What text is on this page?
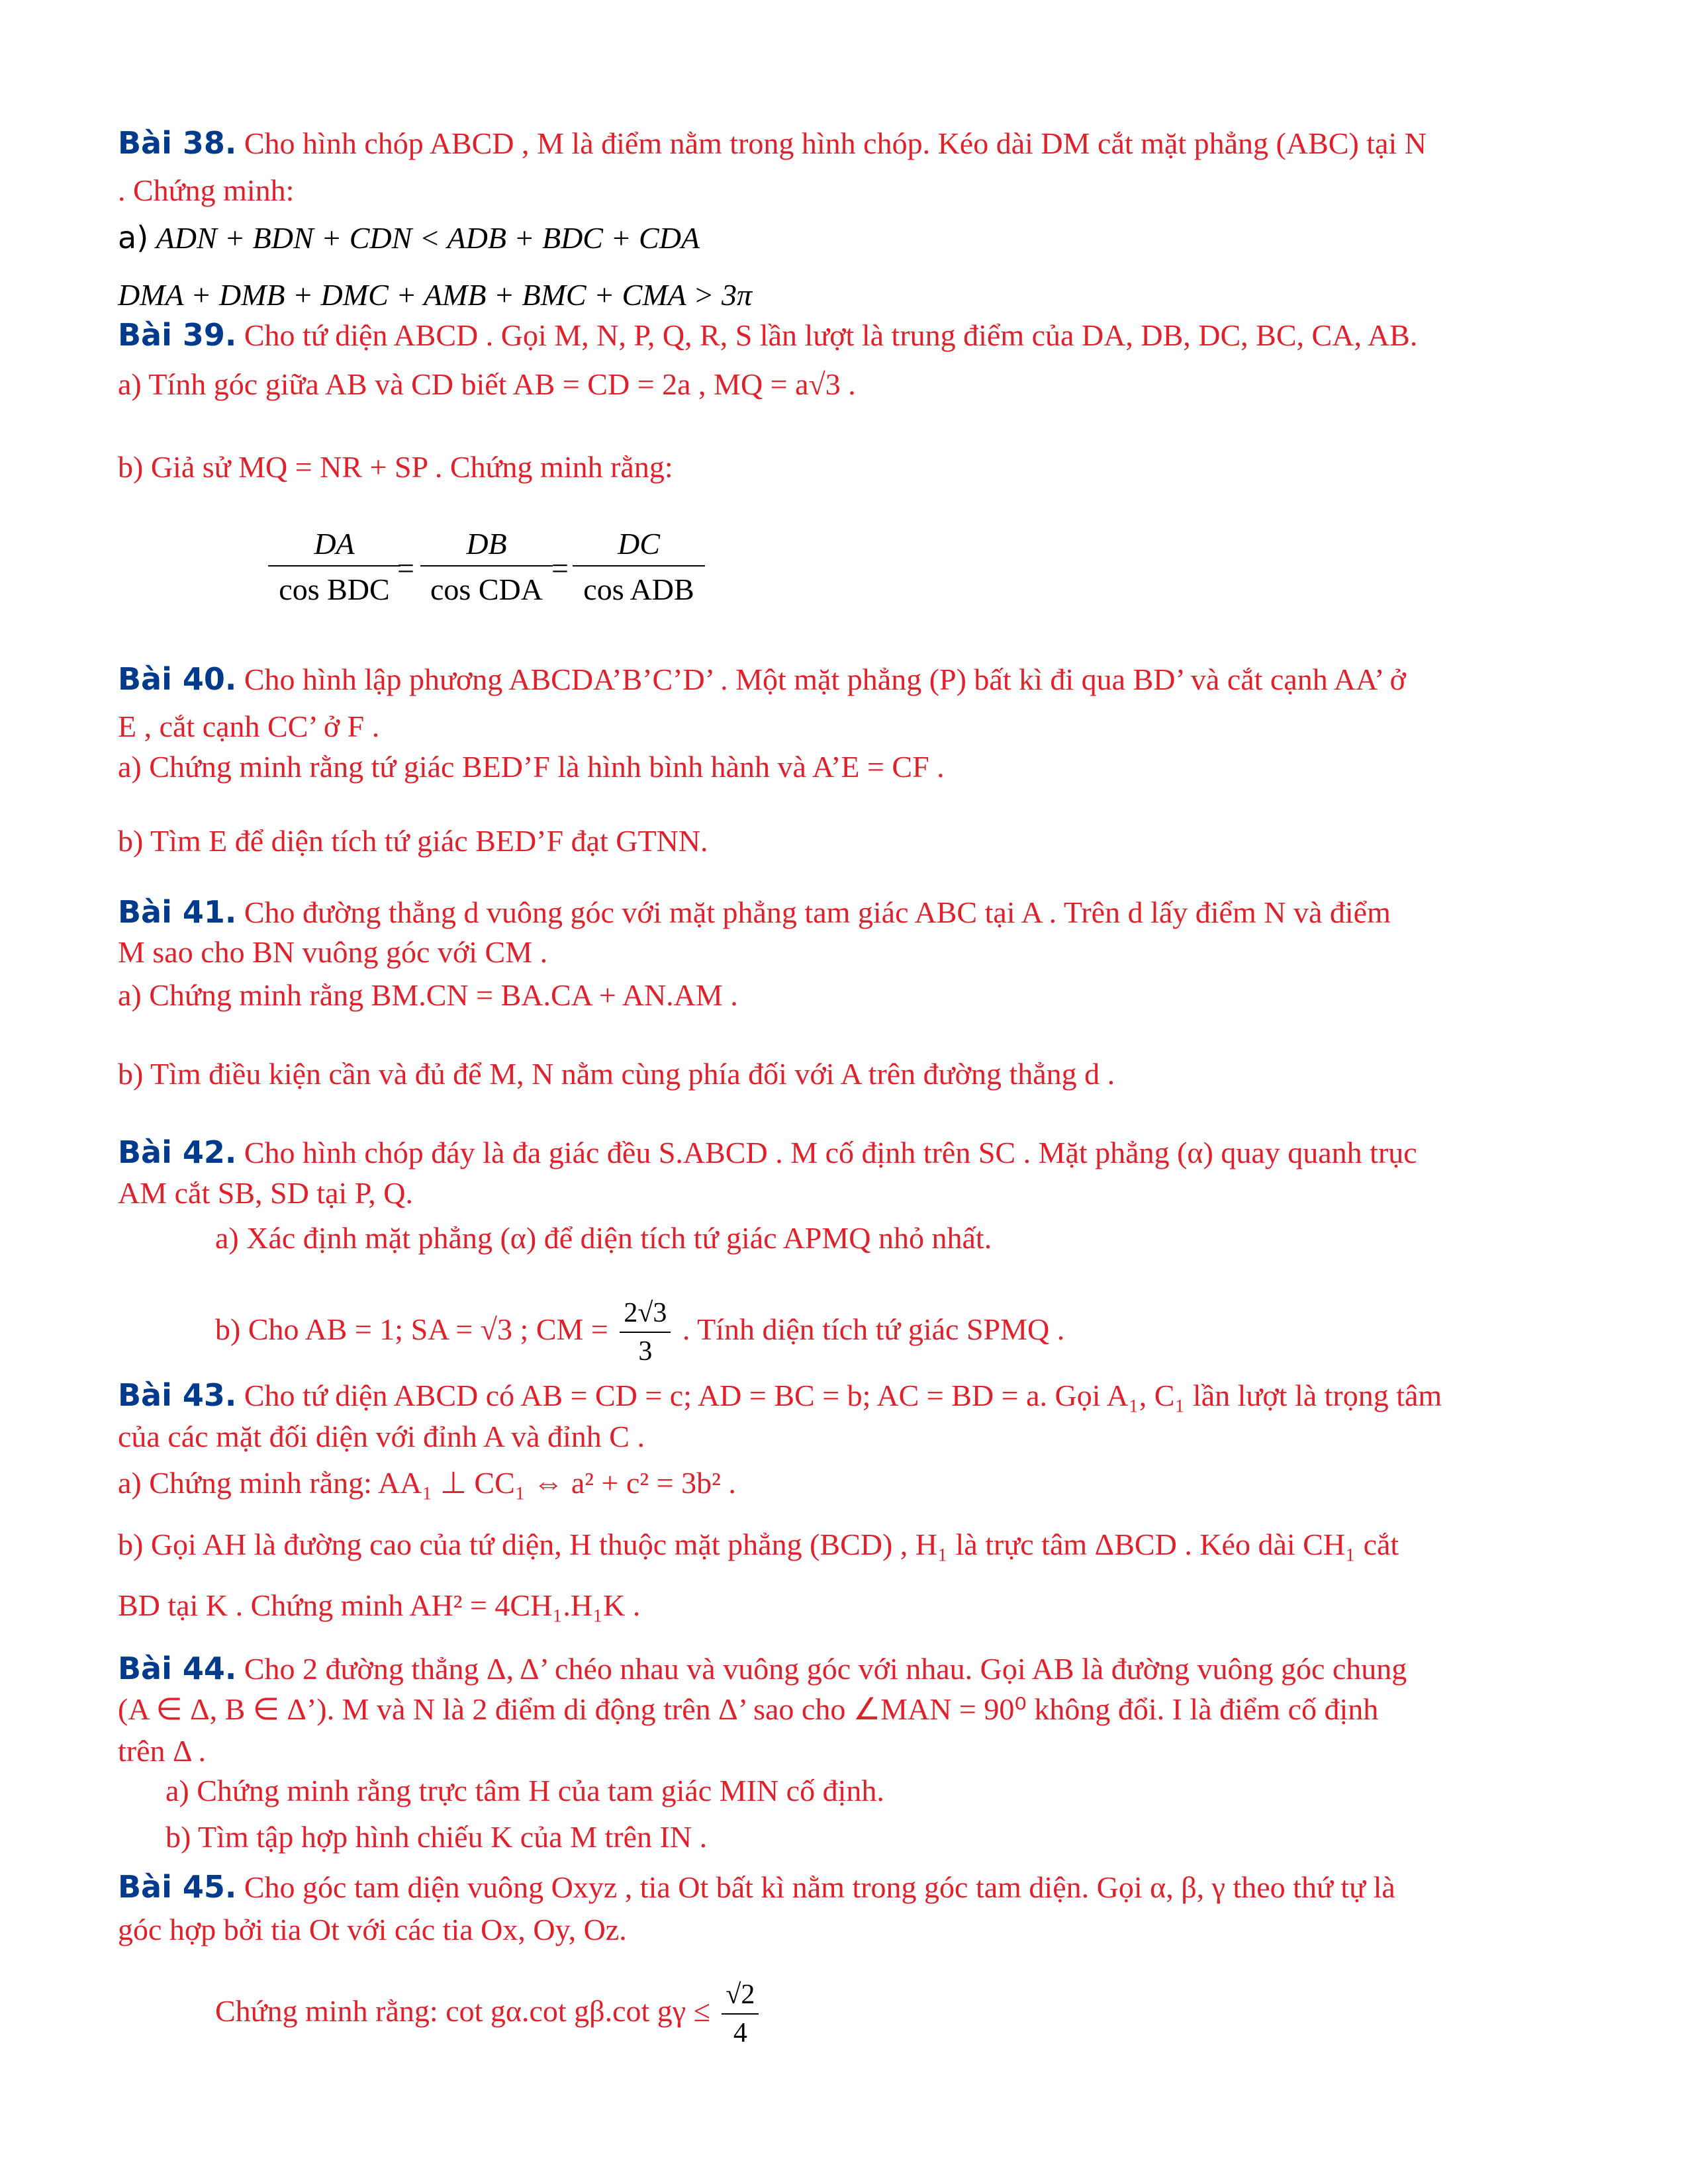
Bài 38. Cho hình chóp ABCD , M là điểm nằm trong hình chóp. Kéo dài DM cắt mặt phẳng (ABC) tại N
. Chứng minh:
a) ADN + BDN + CDN < ADB + BDC + CDA
DMA + DMB + DMC + AMB + BMC + CMA > 3π
Bài 39. Cho tứ diện ABCD . Gọi M, N, P, Q, R, S lần lượt là trung điểm của DA, DB, DC, BC, CA, AB.
a) Tính góc giữa AB và CD biết AB = CD = 2a , MQ = a√3 .
b) Giả sử MQ = NR + SP . Chứng minh rằng:
DA
cos BDC
=
DB
cos CDA
=
DC
cos ADB
Bài 40. Cho hình lập phương ABCDA’B’C’D’ . Một mặt phẳng (P) bất kì đi qua BD’ và cắt cạnh AA’ ở
E , cắt cạnh CC’ ở F .
a) Chứng minh rằng tứ giác BED’F là hình bình hành và A’E = CF .
b) Tìm E để diện tích tứ giác BED’F đạt GTNN.
Bài 41. Cho đường thẳng d vuông góc với mặt phẳng tam giác ABC tại A . Trên d lấy điểm N và điểm
M sao cho BN vuông góc với CM .
a) Chứng minh rằng BM.CN = BA.CA + AN.AM .
b) Tìm điều kiện cần và đủ để M, N nằm cùng phía đối với A trên đường thẳng d .
Bài 42. Cho hình chóp đáy là đa giác đều S.ABCD . M cố định trên SC . Mặt phẳng (α) quay quanh trục
AM cắt SB, SD tại P, Q.
a) Xác định mặt phẳng (α) để diện tích tứ giác APMQ nhỏ nhất.
b) Cho AB = 1; SA = √3 ; CM = $\frac{2√3}{3}$ . Tính diện tích tứ giác SPMQ .
Bài 43. Cho tứ diện ABCD có AB = CD = c; AD = BC = b; AC = BD = a. Gọi A₁, C₁ lần lượt là trọng tâm
của các mặt đối diện với đỉnh A và đỉnh C .
a) Chứng minh rằng: AA₁ ⊥ CC₁ ⇔ a² + c² = 3b² .
b) Gọi AH là đường cao của tứ diện, H thuộc mặt phẳng (BCD) , H₁ là trực tâm ΔBCD . Kéo dài CH₁ cắt
BD tại K . Chứng minh AH² = 4CH₁.H₁K .
Bài 44. Cho 2 đường thẳng Δ, Δ’ chéo nhau và vuông góc với nhau. Gọi AB là đường vuông góc chung
(A ∈ Δ, B ∈ Δ’). M và N là 2 điểm di động trên Δ’ sao cho ∠MAN = 90⁰ không đổi. I là điểm cố định
trên Δ .
a) Chứng minh rằng trực tâm H của tam giác MIN cố định.
b) Tìm tập hợp hình chiếu K của M trên IN .
Bài 45. Cho góc tam diện vuông Oxyz , tia Ot bất kì nằm trong góc tam diện. Gọi α, β, γ theo thứ tự là
góc hợp bởi tia Ot với các tia Ox, Oy, Oz.
Chứng minh rằng: cot gα.cot gβ.cot $g\gamma \le \frac{√2}{4}$
